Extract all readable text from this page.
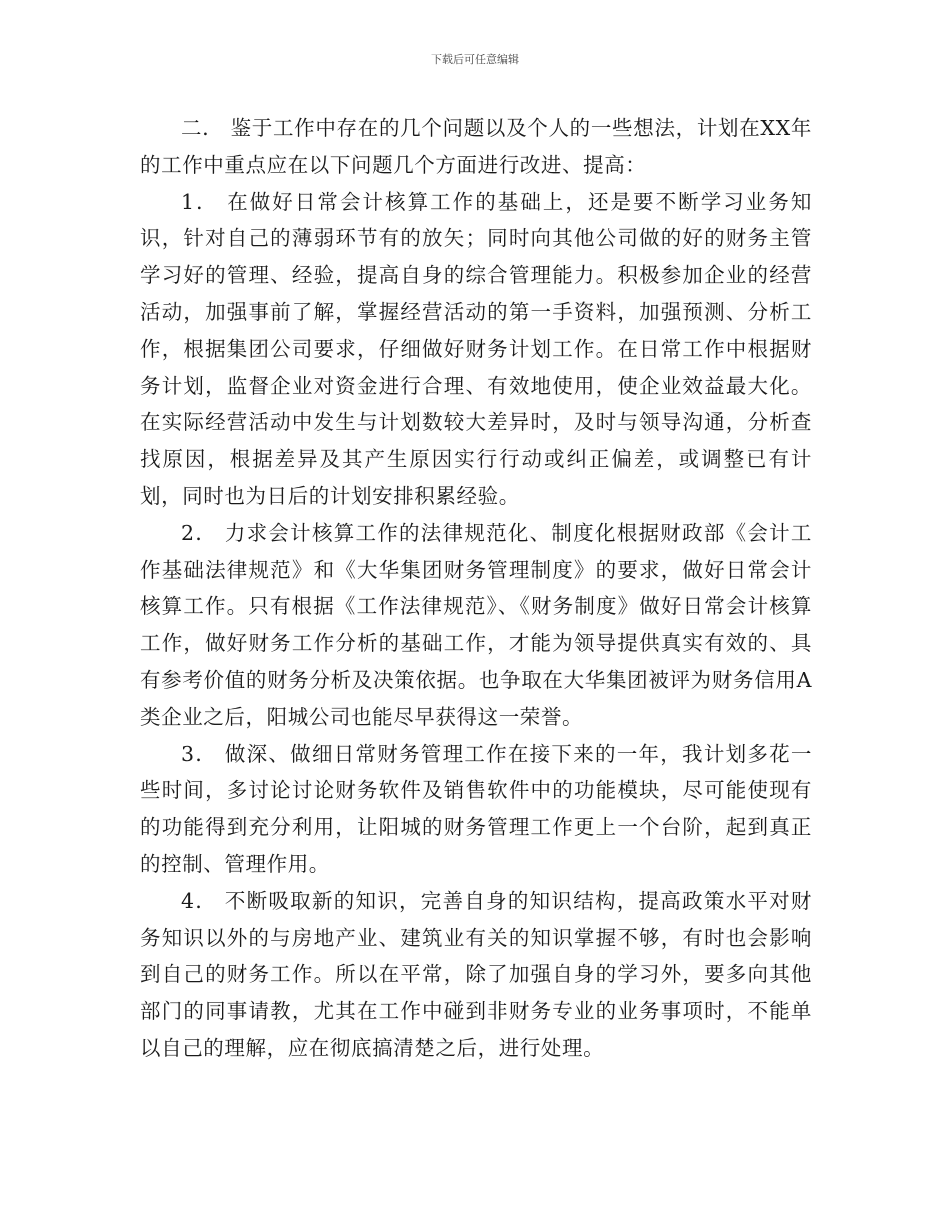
下载后可任意编辑

二． 鉴于工作中存在的几个问题以及个人的一些想法，计划在XX年的工作中重点应在以下问题几个方面进行改进、提高：

1． 在做好日常会计核算工作的基础上，还是要不断学习业务知识，针对自己的薄弱环节有的放矢；同时向其他公司做的好的财务主管学习好的管理、经验，提高自身的综合管理能力。积极参加企业的经营活动，加强事前了解，掌握经营活动的第一手资料，加强预测、分析工作，根据集团公司要求，仔细做好财务计划工作。在日常工作中根据财务计划，监督企业对资金进行合理、有效地使用，使企业效益最大化。在实际经营活动中发生与计划数较大差异时，及时与领导沟通，分析查找原因，根据差异及其产生原因实行行动或纠正偏差，或调整已有计划，同时也为日后的计划安排积累经验。

2． 力求会计核算工作的法律规范化、制度化根据财政部《会计工作基础法律规范》和《大华集团财务管理制度》的要求，做好日常会计核算工作。只有根据《工作法律规范》、《财务制度》做好日常会计核算工作，做好财务工作分析的基础工作，才能为领导提供真实有效的、具有参考价值的财务分析及决策依据。也争取在大华集团被评为财务信用A类企业之后，阳城公司也能尽早获得这一荣誉。

3． 做深、做细日常财务管理工作在接下来的一年，我计划多花一些时间，多讨论讨论财务软件及销售软件中的功能模块，尽可能使现有的功能得到充分利用，让阳城的财务管理工作更上一个台阶，起到真正的控制、管理作用。

4． 不断吸取新的知识，完善自身的知识结构，提高政策水平对财务知识以外的与房地产业、建筑业有关的知识掌握不够，有时也会影响到自己的财务工作。所以在平常，除了加强自身的学习外，要多向其他部门的同事请教，尤其在工作中碰到非财务专业的业务事项时，不能单以自己的理解，应在彻底搞清楚之后，进行处理。
